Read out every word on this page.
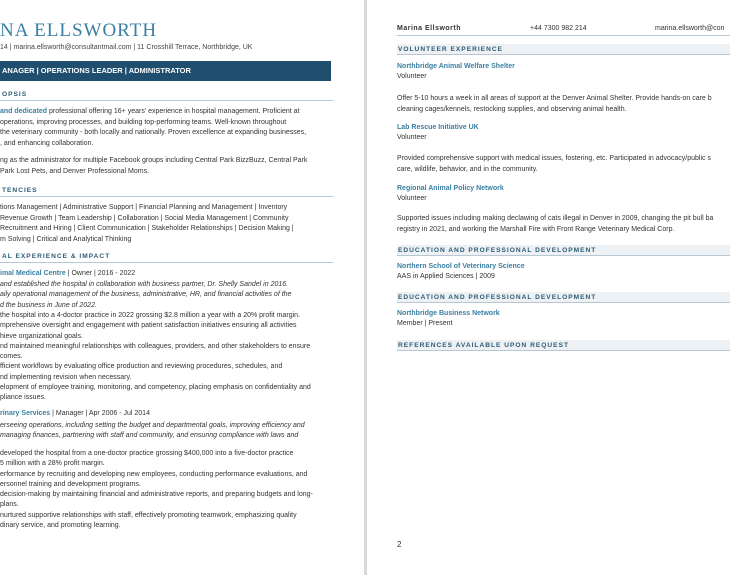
NA ELLSWORTH
14 | marina.ellsworth@consultantmail.com | 11 Crosshill Terrace, Northbridge, UK
ANAGER | OPERATIONS LEADER | ADMINISTRATOR
OPSIS

and dedicated professional offering 16+ years' experience in hospital management. Proficient at

operations, improving processes, and building top-performing teams. Well-known throughout

the veterinary community - both locally and nationally. Proven excellence at expanding businesses,

, and enhancing collaboration.

ng as the administrator for multiple Facebook groups including Central Park BizzBuzz, Central Park

Park Lost Pets, and Denver Professional Moms.

TENCIES

tions Management | Administrative Support | Financial Planning and Management | Inventory

Revenue Growth | Team Leadership | Collaboration | Social Media Management | Community

Recruitment and Hiring | Client Communication | Stakeholder Relationships | Decision Making |

m Solving | Critical and Analytical Thinking

AL EXPERIENCE & IMPACT
imal Medical Centre | Owner | 2016 - 2022

and established the hospital in collaboration with business partner, Dr. Shelly Sandel in 2016.

aily operational management of the business, administrative, HR, and financial activities of the

d the business in June of 2022.

the hospital into a 4-doctor practice in 2022 grossing $2.8 million a year with a 20% profit margin.

mprehensive oversight and engagement with patient satisfaction initiatives ensuring all activities

hieve organizational goals.

nd maintained meaningful relationships with colleagues, providers, and other stakeholders to ensure

comes.

fficient workflows by evaluating office production and reviewing procedures, schedules, and

nd implementing revision when necessary.

elopment of employee training, monitoring, and competency, placing emphasis on confidentiality and

pliance issues.

rinary Services | Manager | Apr 2006 - Jul 2014

erseeing operations, including setting the budget and departmental goals, improving efficiency and

managing finances, partnering with staff and community, and ensuring compliance with laws and

developed the hospital from a one-doctor practice grossing $400,000 into a five-doctor practice

5 million with a 28% profit margin.

erformance by recruiting and developing new employees, conducting performance evaluations, and

ersonnel training and development programs.

decision-making by maintaining financial and administrative reports, and preparing budgets and long-

plans.

nurtured supportive relationships with staff, effectively promoting teamwork, emphasizing quality

dinary service, and promoting learning.

Marina Ellsworth	+44 7300 982 214	marina.ellsworth@con
VOLUNTEER EXPERIENCE
Northbridge Animal Welfare Shelter
Volunteer

Offer 5-10 hours a week in all areas of support at the Denver Animal Shelter. Provide hands-on care b

cleaning cages/kennels, restocking supplies, and observing animal health.

Lab Rescue Initiative UK
Volunteer

Provided comprehensive support with medical issues, fostering, etc. Participated in advocacy/public s

care, wildlife, behavior, and in the community.

Regional Animal Policy Network
Volunteer

Supported issues including making declawing of cats illegal in Denver in 2009, changing the pit bull ba

registry in 2021, and working the Marshall Fire with Front Range Veterinary Medical Corp.

EDUCATION AND PROFESSIONAL DEVELOPMENT
Northern School of Veterinary Science
AAS in Applied Sciences | 2009
EDUCATION AND PROFESSIONAL DEVELOPMENT
Northbridge Business Network
Member | Present
REFERENCES AVAILABLE UPON REQUEST
2
